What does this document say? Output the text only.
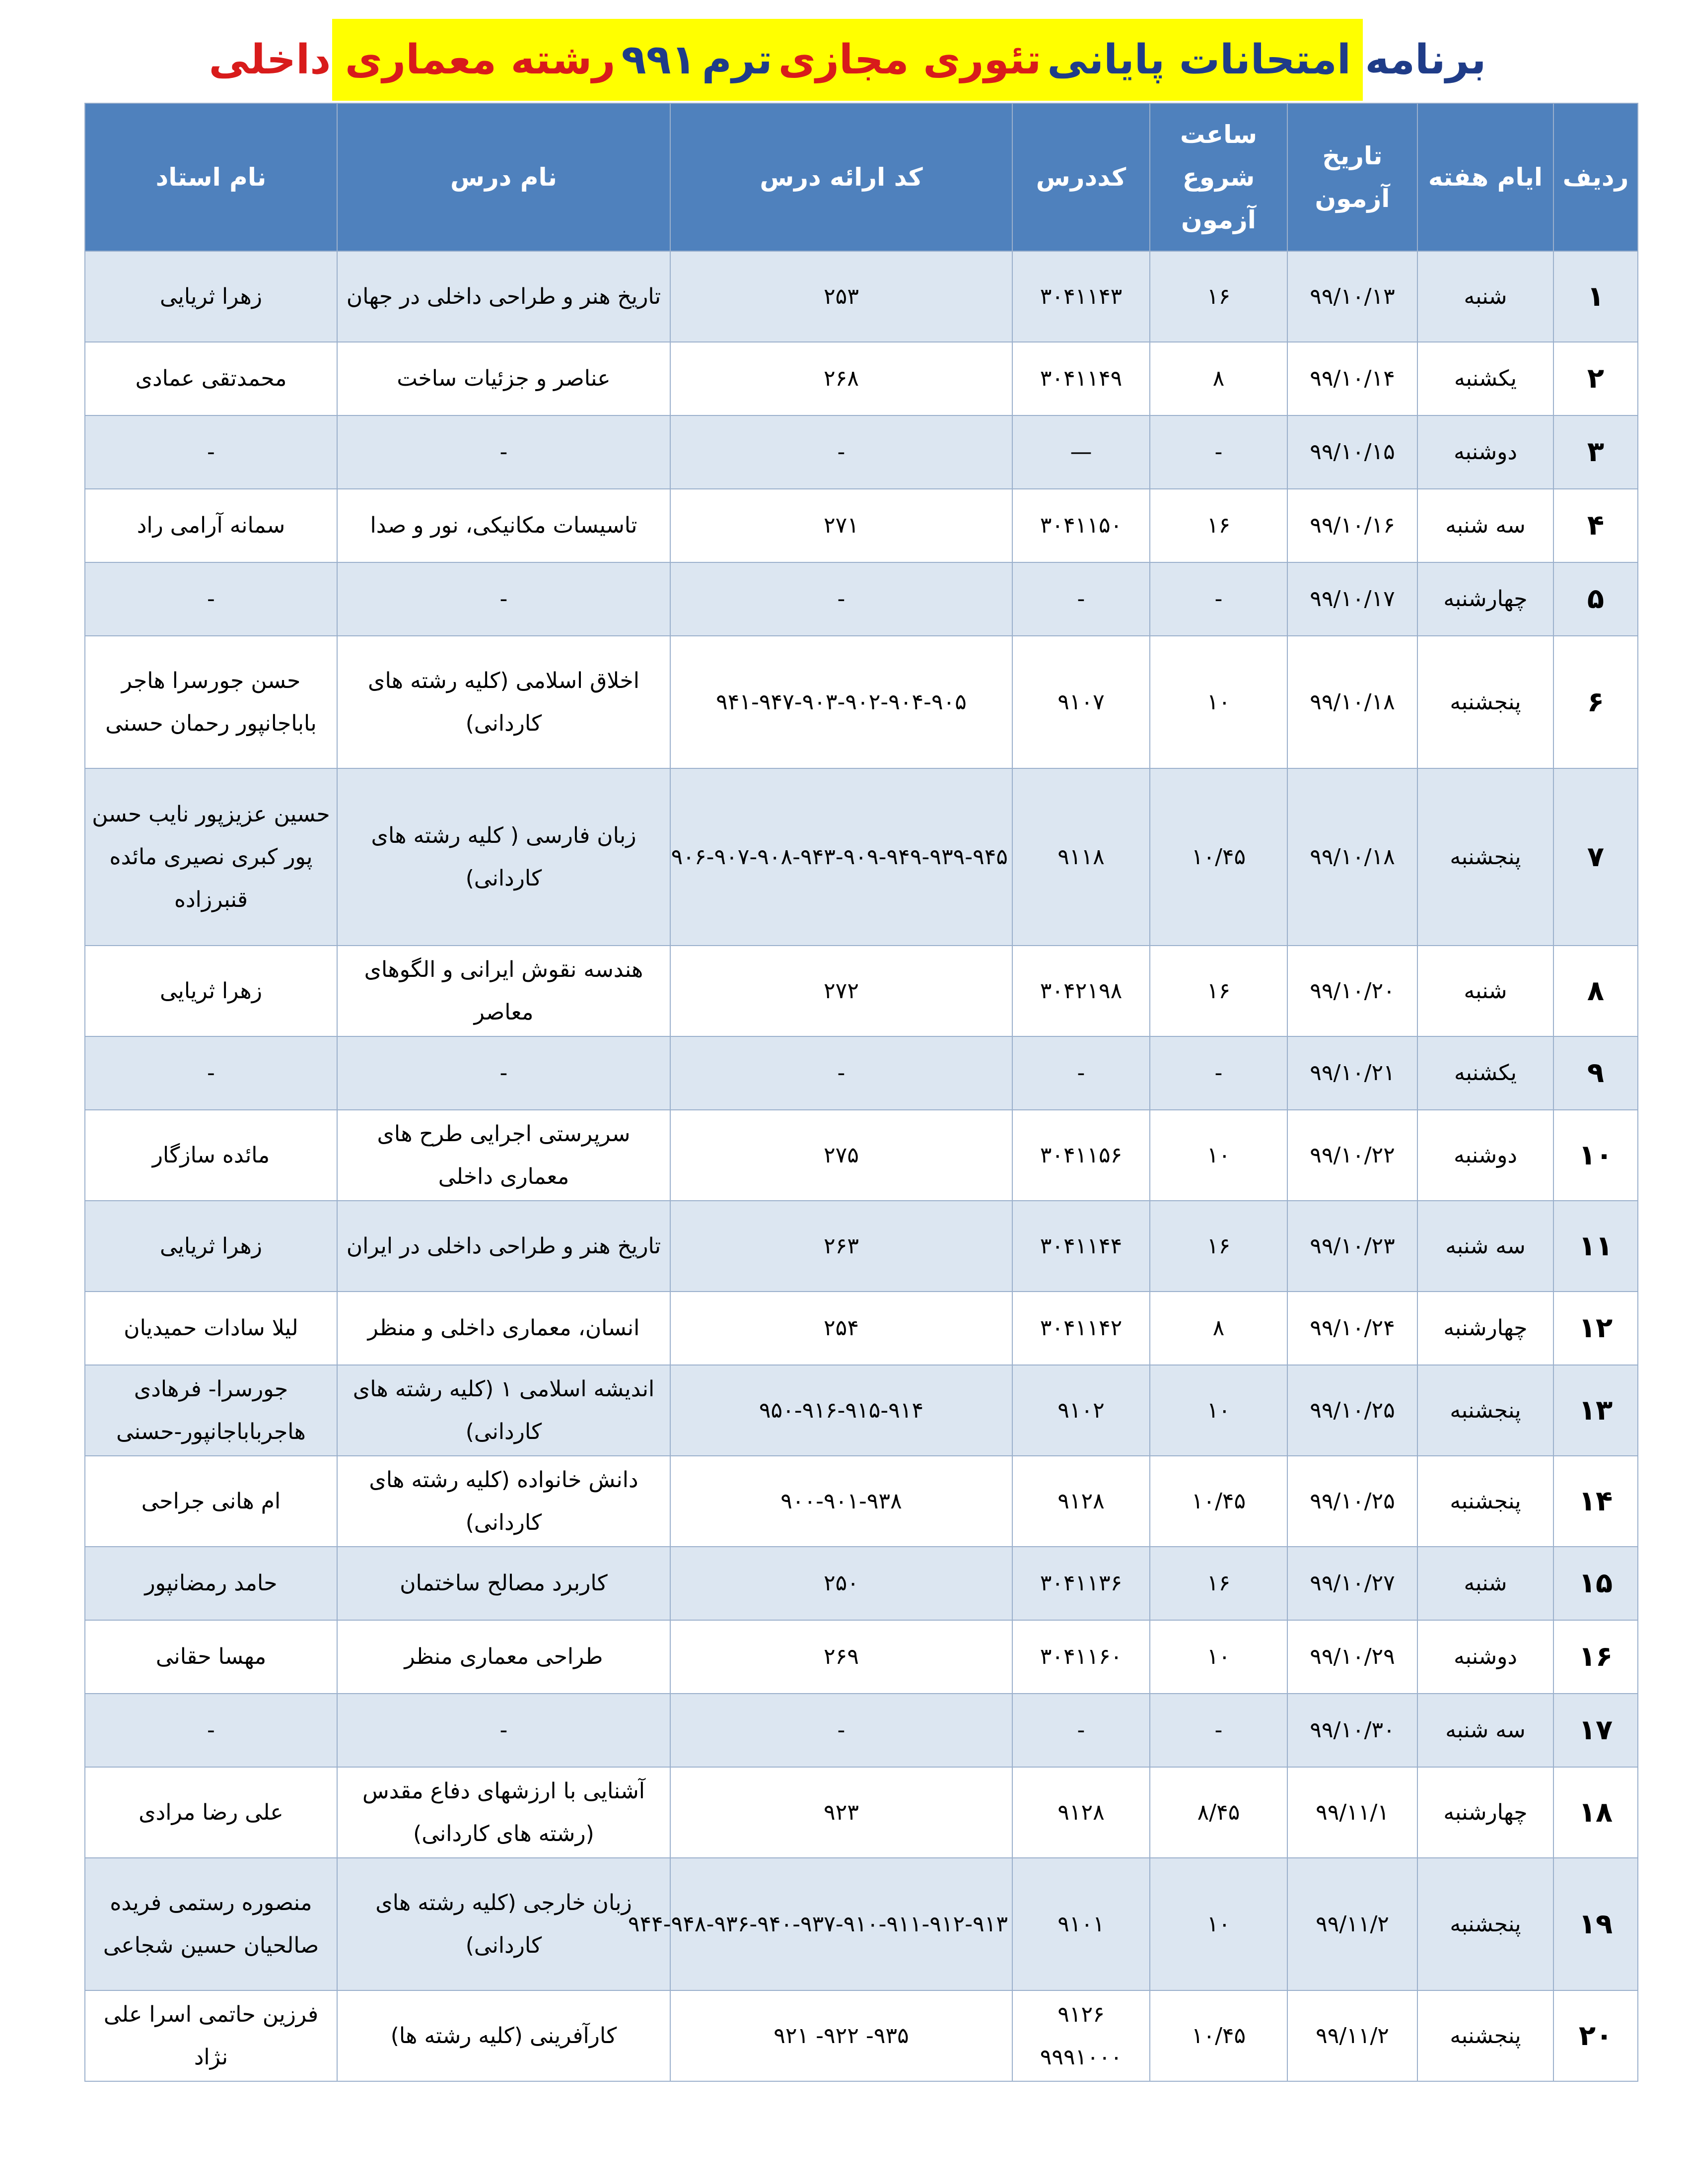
برنامه امتحانات پایانی
تئوری مجازی
ترم
۹۹۱
رشته معماری داخلی
ردیف	ایام هفته	تاریخ آزمون	ساعت شروع آزمون	کددرس	کد ارائه درس	نام درس	نام استاد
۱	شنبه	۹۹/۱۰/۱۳	۱۶	۳۰۴۱۱۴۳	۲۵۳	تاریخ هنر و طراحی داخلی در جهان	زهرا ثریایی
۲	یکشنبه	۹۹/۱۰/۱۴	۸	۳۰۴۱۱۴۹	۲۶۸	عناصر و جزئیات ساخت	محمدتقی عمادی
۳	دوشنبه	۹۹/۱۰/۱۵	-	—	-	-	-
۴	سه شنبه	۹۹/۱۰/۱۶	۱۶	۳۰۴۱۱۵۰	۲۷۱	تاسیسات مکانیکی، نور و صدا	سمانه آرامی راد
۵	چهارشنبه	۹۹/۱۰/۱۷	-	-	-	-	-
۶	پنجشنبه	۹۹/۱۰/۱۸	۱۰	۹۱۰۷	۹۴۱-۹۴۷-۹۰۳-۹۰۲-۹۰۴-۹۰۵	اخلاق اسلامی (کلیه رشته های کاردانی)	حسن جورسرا هاجر باباجانپور رحمان حسنی
۷	پنجشنبه	۹۹/۱۰/۱۸	۱۰/۴۵	۹۱۱۸	۹۰۶-۹۰۷-۹۰۸-۹۴۳-۹۰۹-۹۴۹-۹۳۹-۹۴۵	زبان فارسی ( کلیه رشته های کاردانی)	حسین عزیزپور نایب حسن پور کبری نصیری مائده قنبرزاده
۸	شنبه	۹۹/۱۰/۲۰	۱۶	۳۰۴۲۱۹۸	۲۷۲	هندسه نقوش ایرانی و الگوهای معاصر	زهرا ثریایی
۹	یکشنبه	۹۹/۱۰/۲۱	-	-	-	-	-
۱۰	دوشنبه	۹۹/۱۰/۲۲	۱۰	۳۰۴۱۱۵۶	۲۷۵	سرپرستی اجرایی طرح های معماری داخلی	مائده سازگار
۱۱	سه شنبه	۹۹/۱۰/۲۳	۱۶	۳۰۴۱۱۴۴	۲۶۳	تاریخ هنر و طراحی داخلی در ایران	زهرا ثریایی
۱۲	چهارشنبه	۹۹/۱۰/۲۴	۸	۳۰۴۱۱۴۲	۲۵۴	انسان، معماری داخلی و منظر	لیلا سادات حمیدیان
۱۳	پنجشنبه	۹۹/۱۰/۲۵	۱۰	۹۱۰۲	۹۵۰-۹۱۶-۹۱۵-۹۱۴	اندیشه اسلامی ۱ (کلیه رشته های کاردانی)	جورسرا- فرهادی هاجرباباجانپور-حسنی
۱۴	پنجشنبه	۹۹/۱۰/۲۵	۱۰/۴۵	۹۱۲۸	۹۰۰-۹۰۱-۹۳۸	دانش خانواده (کلیه رشته های کاردانی)	ام هانی جراحی
۱۵	شنبه	۹۹/۱۰/۲۷	۱۶	۳۰۴۱۱۳۶	۲۵۰	کاربرد مصالح ساختمان	حامد رمضانپور
۱۶	دوشنبه	۹۹/۱۰/۲۹	۱۰	۳۰۴۱۱۶۰	۲۶۹	طراحی معماری منظر	مهسا حقانی
۱۷	سه شنبه	۹۹/۱۰/۳۰	-	-	-	-	-
۱۸	چهارشنبه	۹۹/۱۱/۱	۸/۴۵	۹۱۲۸	۹۲۳	آشنایی با ارزشهای دفاع مقدس (رشته های کاردانی)	علی رضا مرادی
۱۹	پنجشنبه	۹۹/۱۱/۲	۱۰	۹۱۰۱	۹۴۴-۹۴۸-۹۳۶-۹۴۰-۹۳۷-۹۱۰-۹۱۱-۹۱۲-۹۱۳	زبان خارجی (کلیه رشته های کاردانی)	منصوره رستمی فریده صالحیان حسین شجاعی
۲۰	پنجشنبه	۹۹/۱۱/۲	۱۰/۴۵	۹۱۲۶ ۹۹۹۱۰۰۰	۹۳۵- ۹۲۲- ۹۲۱	کارآفرینی (کلیه رشته ها)	فرزین حاتمی اسرا علی نژاد
